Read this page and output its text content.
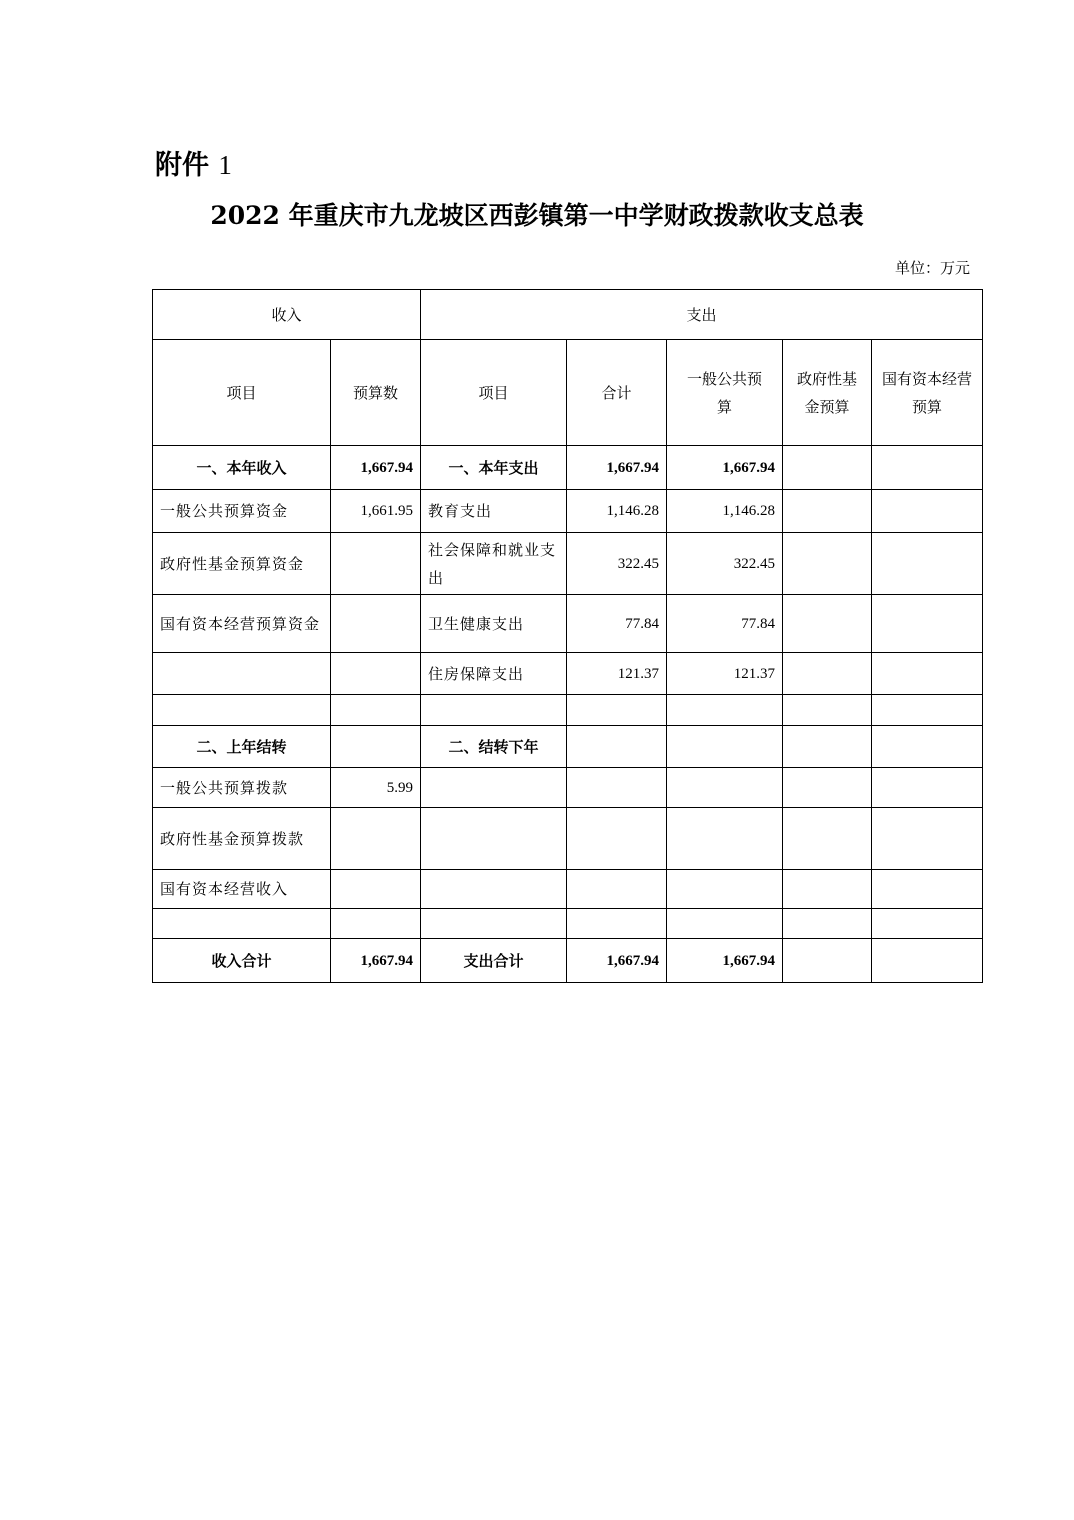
附件 1
2022 年重庆市九龙坡区西彭镇第一中学财政拨款收支总表
单位：万元
收入		支出				
项目	预算数	项目	合计	一般公共预算	政府性基金预算	国有资本经营预算
一、本年收入	1,667.94	一、本年支出	1,667.94	1,667.94		
一般公共预算资金	1,661.95	教育支出	1,146.28	1,146.28		
政府性基金预算资金		社会保障和就业支出	322.45	322.45		
国有资本经营预算资金		卫生健康支出	77.84	77.84		
		住房保障支出	121.37	121.37		

二、上年结转		二、结转下年				
一般公共预算拨款	5.99					
政府性基金预算拨款						
国有资本经营收入						

收入合计	1,667.94	支出合计	1,667.94	1,667.94		
